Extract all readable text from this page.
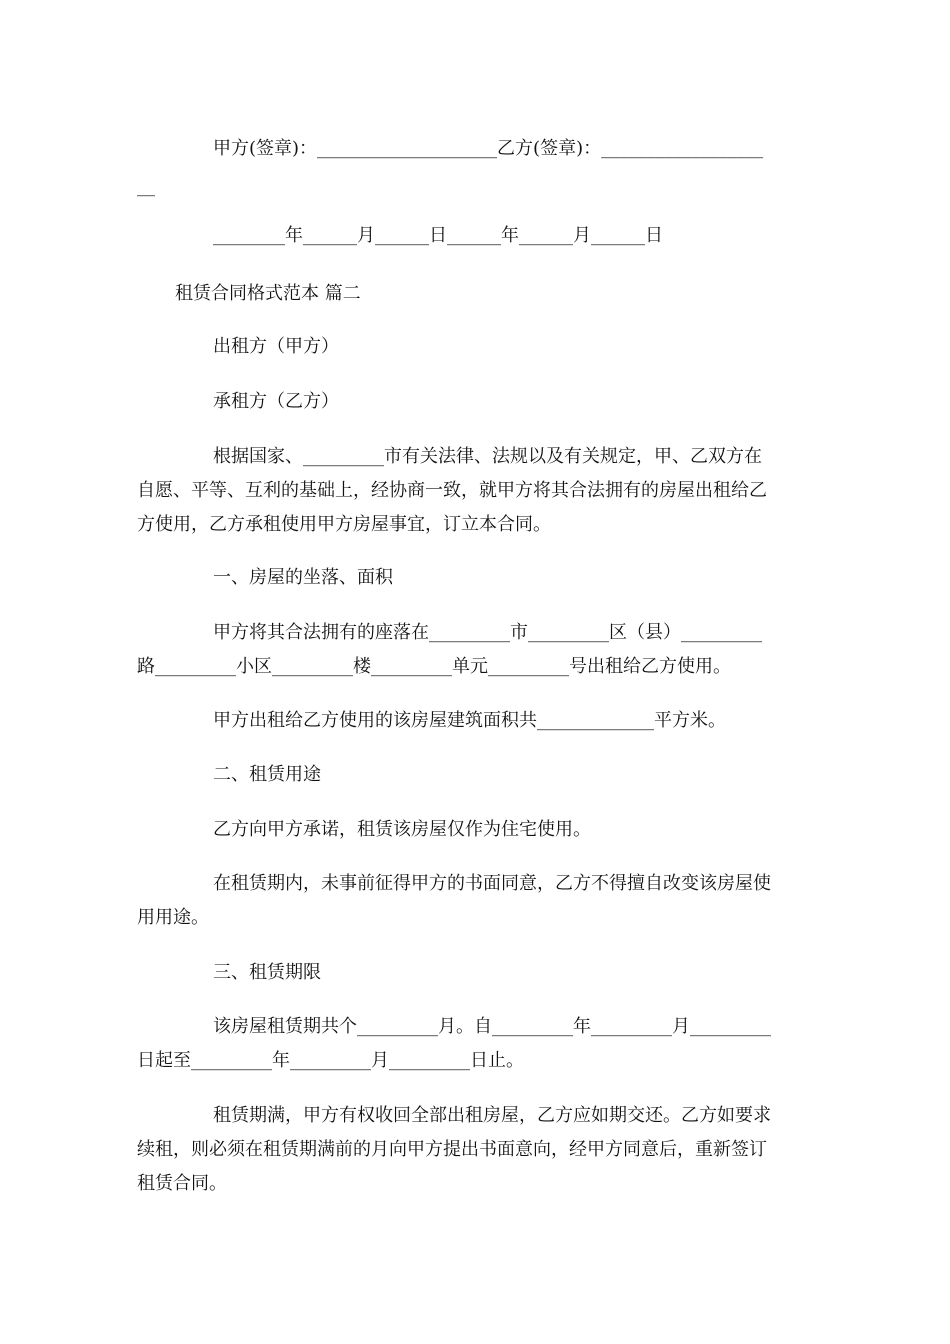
甲方(签章)：____________________乙方(签章)：__________________
__
________年______月______日______年______月______日
租赁合同格式范本 篇二
出租方（甲方）
承租方（乙方）
根据国家、_________市有关法律、法规以及有关规定，甲、乙双方在
自愿、平等、互利的基础上，经协商一致，就甲方将其合法拥有的房屋出租给乙
方使用，乙方承租使用甲方房屋事宜，订立本合同。
一、房屋的坐落、面积
甲方将其合法拥有的座落在_________市_________区（县）_________
路_________小区_________楼_________单元_________号出租给乙方使用。
甲方出租给乙方使用的该房屋建筑面积共_____________平方米。
二、租赁用途
乙方向甲方承诺，租赁该房屋仅作为住宅使用。
在租赁期内，未事前征得甲方的书面同意，乙方不得擅自改变该房屋使
用用途。
三、租赁期限
该房屋租赁期共个_________月。自_________年_________月_________
日起至_________年_________月_________日止。
租赁期满，甲方有权收回全部出租房屋，乙方应如期交还。乙方如要求
续租，则必须在租赁期满前的月向甲方提出书面意向，经甲方同意后，重新签订
租赁合同。
